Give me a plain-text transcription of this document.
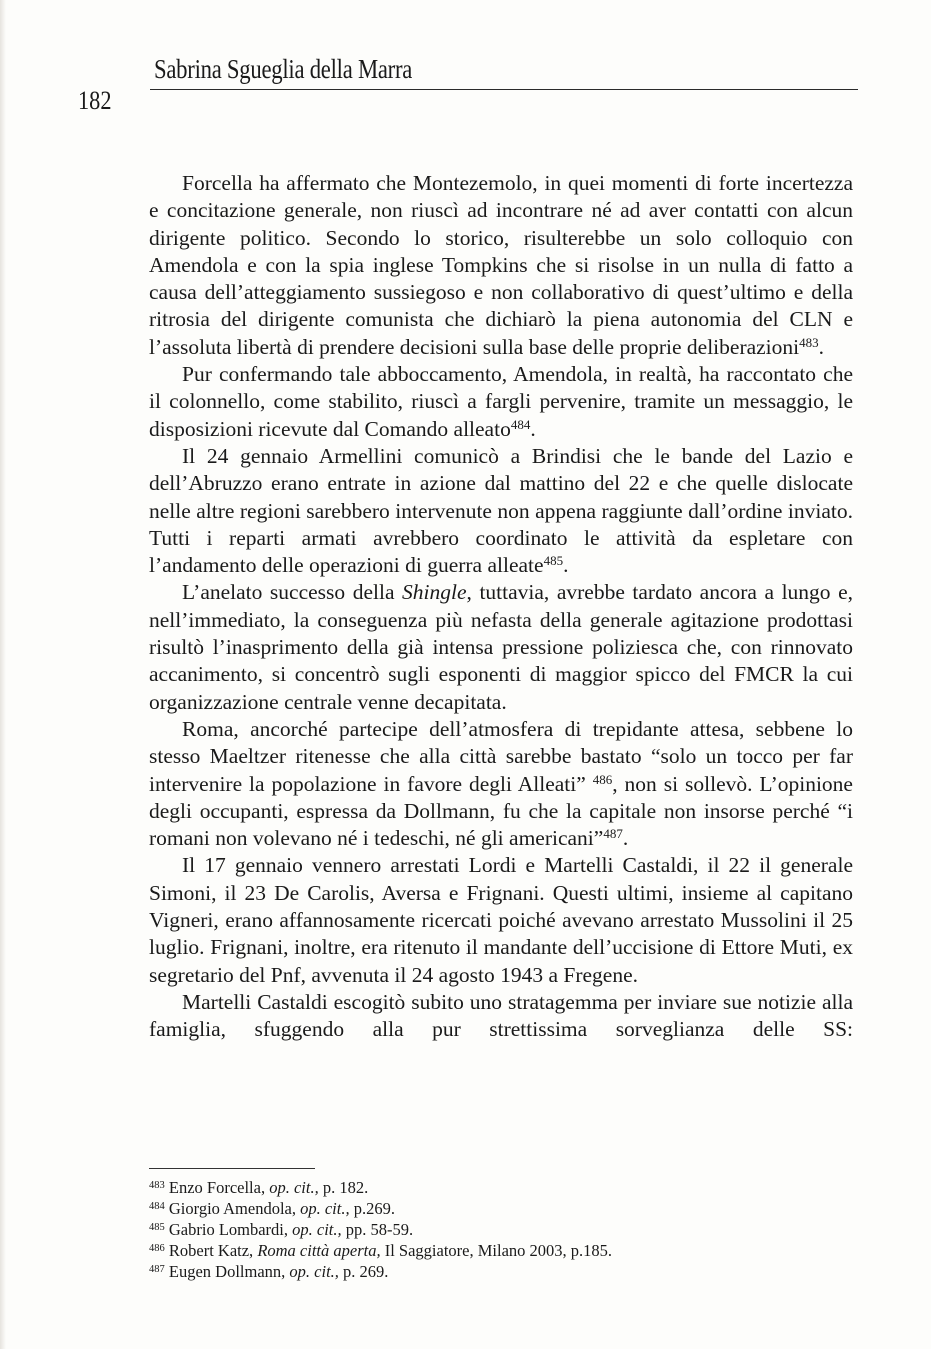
Sabrina Sgueglia della Marra
182

Forcella ha affermato che Montezemolo, in quei momenti di forte incertezza e concitazione generale, non riuscì ad incontrare né ad aver contatti con alcun dirigente politico. Secondo lo storico, risulterebbe un solo colloquio con Amendola e con la spia inglese Tompkins che si risolse in un nulla di fatto a causa dell’atteggiamento sussiegoso e non collaborativo di quest’ultimo e della ritrosia del dirigente comunista che dichiarò la piena autonomia del CLN e l’assoluta libertà di prendere decisioni sulla base delle proprie deliberazioni$^{483}$.

Pur confermando tale abboccamento, Amendola, in realtà, ha raccontato che il colonnello, come stabilito, riuscì a fargli pervenire, tramite un messaggio, le disposizioni ricevute dal Comando alleato$^{484}$.

Il 24 gennaio Armellini comunicò a Brindisi che le bande del Lazio e dell’Abruzzo erano entrate in azione dal mattino del 22 e che quelle dislocate nelle altre regioni sarebbero intervenute non appena raggiunte dall’ordine inviato. Tutti i reparti armati avrebbero coordinato le attività da espletare con l’andamento delle operazioni di guerra alleate$^{485}$.

L’anelato successo della Shingle, tuttavia, avrebbe tardato ancora a lungo e, nell’immediato, la conseguenza più nefasta della generale agitazione prodottasi risultò l’inasprimento della già intensa pressione poliziesca che, con rinnovato accanimento, si concentrò sugli esponenti di maggior spicco del FMCR la cui organizzazione centrale venne decapitata.

Roma, ancorché partecipe dell’atmosfera di trepidante attesa, sebbene lo stesso Maeltzer ritenesse che alla città sarebbe bastato “solo un tocco per far intervenire la popolazione in favore degli Alleati” $^{486}$, non si sollevò. L’opinione degli occupanti, espressa da Dollmann, fu che la capitale non insorse perché “i romani non volevano né i tedeschi, né gli americani”$^{487}$.

Il 17 gennaio vennero arrestati Lordi e Martelli Castaldi, il 22 il generale Simoni, il 23 De Carolis, Aversa e Frignani. Questi ultimi, insieme al capitano Vigneri, erano affannosamente ricercati poiché avevano arrestato Mussolini il 25 luglio. Frignani, inoltre, era ritenuto il mandante dell’uccisione di Ettore Muti, ex segretario del Pnf, avvenuta il 24 agosto 1943 a Fregene.

Martelli Castaldi escogitò subito uno stratagemma per inviare sue notizie alla famiglia, sfuggendo alla pur strettissima sorveglianza delle SS:

$^{483}$ Enzo Forcella, op. cit., p. 182.
$^{484}$ Giorgio Amendola, op. cit., p.269.
$^{485}$ Gabrio Lombardi, op. cit., pp. 58-59.
$^{486}$ Robert Katz, Roma città aperta, Il Saggiatore, Milano 2003, p.185.
$^{487}$ Eugen Dollmann, op. cit., p. 269.
